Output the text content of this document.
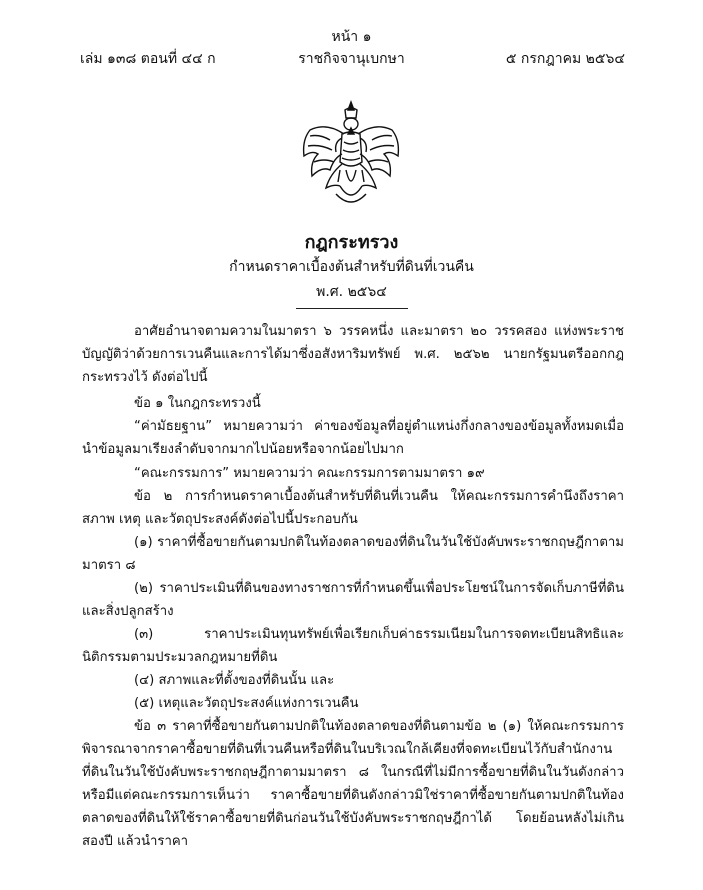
หน้า ๑
เล่ม ๑๓๘ ตอนที่ ๔๔ ก	ราชกิจจานุเบกษา	๕ กรกฎาคม ๒๕๖๔
กฎกระทรวง
กำหนดราคาเบื้องต้นสำหรับที่ดินที่เวนคืน
พ.ศ. ๒๕๖๔

อาศัยอำนาจตามความในมาตรา ๖ วรรคหนึ่ง และมาตรา ๒๐ วรรคสอง แห่งพระราชบัญญัติว่าด้วยการเวนคืนและการได้มาซึ่งอสังหาริมทรัพย์ พ.ศ. ๒๕๖๒ นายกรัฐมนตรีออกกฎกระทรวงไว้ ดังต่อไปนี้

ข้อ ๑ ในกฎกระทรวงนี้

“ค่ามัธยฐาน” หมายความว่า ค่าของข้อมูลที่อยู่ตำแหน่งกึ่งกลางของข้อมูลทั้งหมดเมื่อนำข้อมูลมาเรียงลำดับจากมากไปน้อยหรือจากน้อยไปมาก

“คณะกรรมการ” หมายความว่า คณะกรรมการตามมาตรา ๑๙

ข้อ ๒ การกำหนดราคาเบื้องต้นสำหรับที่ดินที่เวนคืน ให้คณะกรรมการคำนึงถึงราคา สภาพ เหตุ และวัตถุประสงค์ดังต่อไปนี้ประกอบกัน

(๑) ราคาที่ซื้อขายกันตามปกติในท้องตลาดของที่ดินในวันใช้บังคับพระราชกฤษฎีกาตามมาตรา ๘

(๒) ราคาประเมินที่ดินของทางราชการที่กำหนดขึ้นเพื่อประโยชน์ในการจัดเก็บภาษีที่ดินและสิ่งปลูกสร้าง

(๓) ราคาประเมินทุนทรัพย์เพื่อเรียกเก็บค่าธรรมเนียมในการจดทะเบียนสิทธิและนิติกรรมตามประมวลกฎหมายที่ดิน

(๔) สภาพและที่ตั้งของที่ดินนั้น และ

(๕) เหตุและวัตถุประสงค์แห่งการเวนคืน

ข้อ ๓ ราคาที่ซื้อขายกันตามปกติในท้องตลาดของที่ดินตามข้อ ๒ (๑) ให้คณะกรรมการพิจารณาจากราคาซื้อขายที่ดินที่เวนคืนหรือที่ดินในบริเวณใกล้เคียงที่จดทะเบียนไว้กับสำนักงานที่ดินในวันใช้บังคับพระราชกฤษฎีกาตามมาตรา ๘ ในกรณีที่ไม่มีการซื้อขายที่ดินในวันดังกล่าว หรือมีแต่คณะกรรมการเห็นว่า ราคาซื้อขายที่ดินดังกล่าวมิใช่ราคาที่ซื้อขายกันตามปกติในท้องตลาดของที่ดินให้ใช้ราคาซื้อขายที่ดินก่อนวันใช้บังคับพระราชกฤษฎีกาได้ โดยย้อนหลังไม่เกินสองปี แล้วนำราคา
